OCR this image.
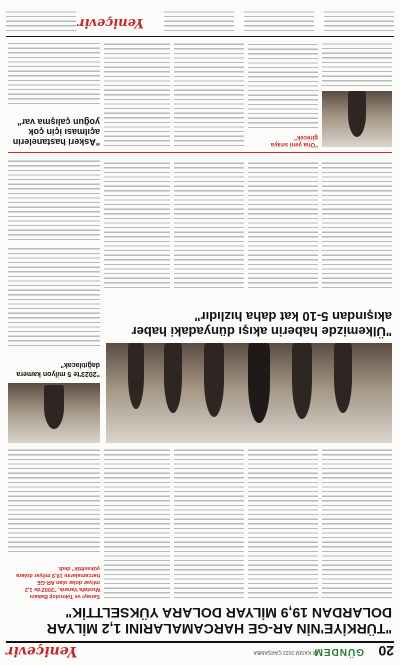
20
GÜNDEM
16 KASIM 2022 ÇARŞAMBA
Yeniçevir
"TÜRKİYE'NİN AR-GE HARCAMALARINI 1,2 MİLYAR DOLARDAN 19,9 MİLYAR DOLARA YÜKSELTTİK"
Sanayi ve Teknoloji Bakanı Mustafa Varank, "2002'de 1,2 milyar dolar olan AR-GE harcamalarını 19,9 milyar dolara yükselttik" dedi.
"2023'te 5 milyon kamera dağıtılacak"
"Ülkemizde haberin akışı dünyadaki haber akışından 5-10 kat daha hızlıdır"
"Askeri hastanelerin açılması için çok yoğun çalışma var"
"Ona yeni sıraya girecek"
Yeniçevir
